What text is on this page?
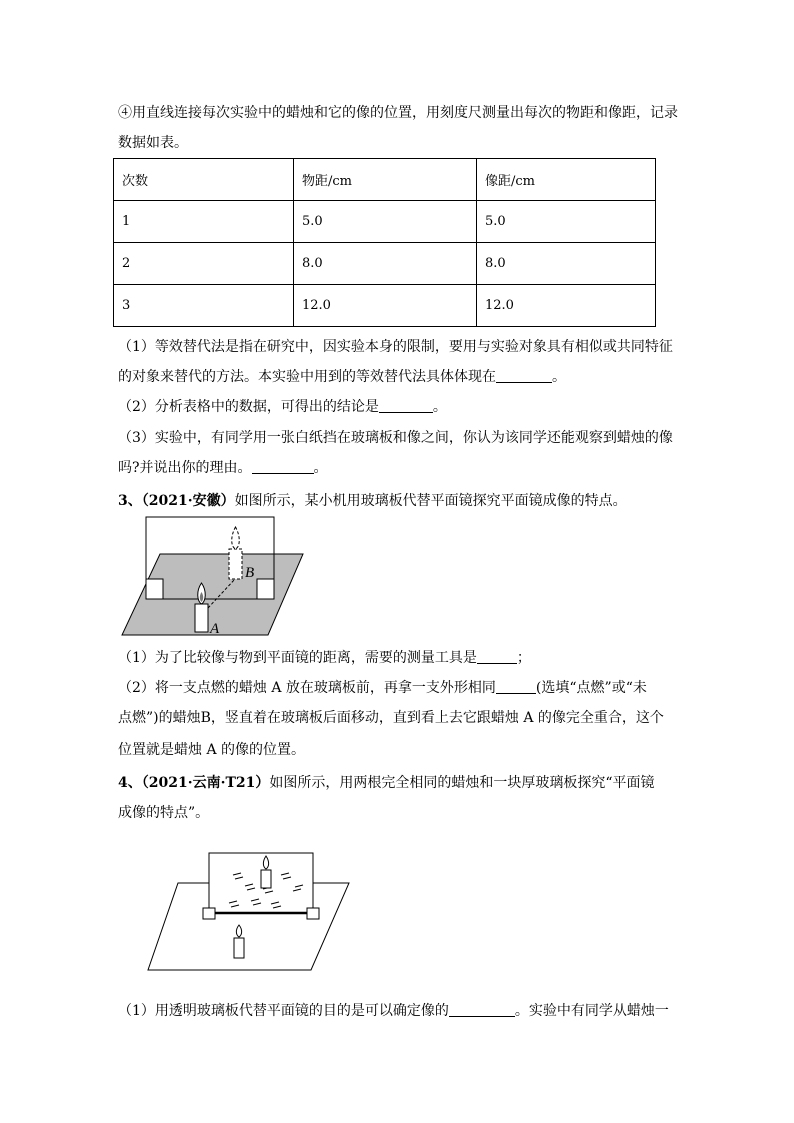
④用直线连接每次实验中的蜡烛和它的像的位置，用刻度尺测量出每次的物距和像距，记录
数据如表。
次数	物距/cm	像距/cm
1	5.0	5.0
2	8.0	8.0
3	12.0	12.0
（1）等效替代法是指在研究中，因实验本身的限制，要用与实验对象具有相似或共同特征
的对象来替代的方法。本实验中用到的等效替代法具体体现在	。
（2）分析表格中的数据，可得出的结论是	。
（3）实验中，有同学用一张白纸挡在玻璃板和像之间，你认为该同学还能观察到蜡烛的像
吗?并说出你的理由。	。
3、（2021·安徽）如图所示，某小机用玻璃板代替平面镜探究平面镜成像的特点。
A
B
（1）为了比较像与物到平面镜的距离，需要的测量工具是	；
（2）将一支点燃的蜡烛 A 放在玻璃板前，再拿一支外形相同	(选填“点燃”或“未
点燃”)的蜡烛B，竖直着在玻璃板后面移动，直到看上去它跟蜡烛 A 的像完全重合，这个
位置就是蜡烛 A 的像的位置。
4、（2021·云南·T21）如图所示，用两根完全相同的蜡烛和一块厚玻璃板探究“平面镜
成像的特点”。
（1）用透明玻璃板代替平面镜的目的是可以确定像的	。实验中有同学从蜡烛一
